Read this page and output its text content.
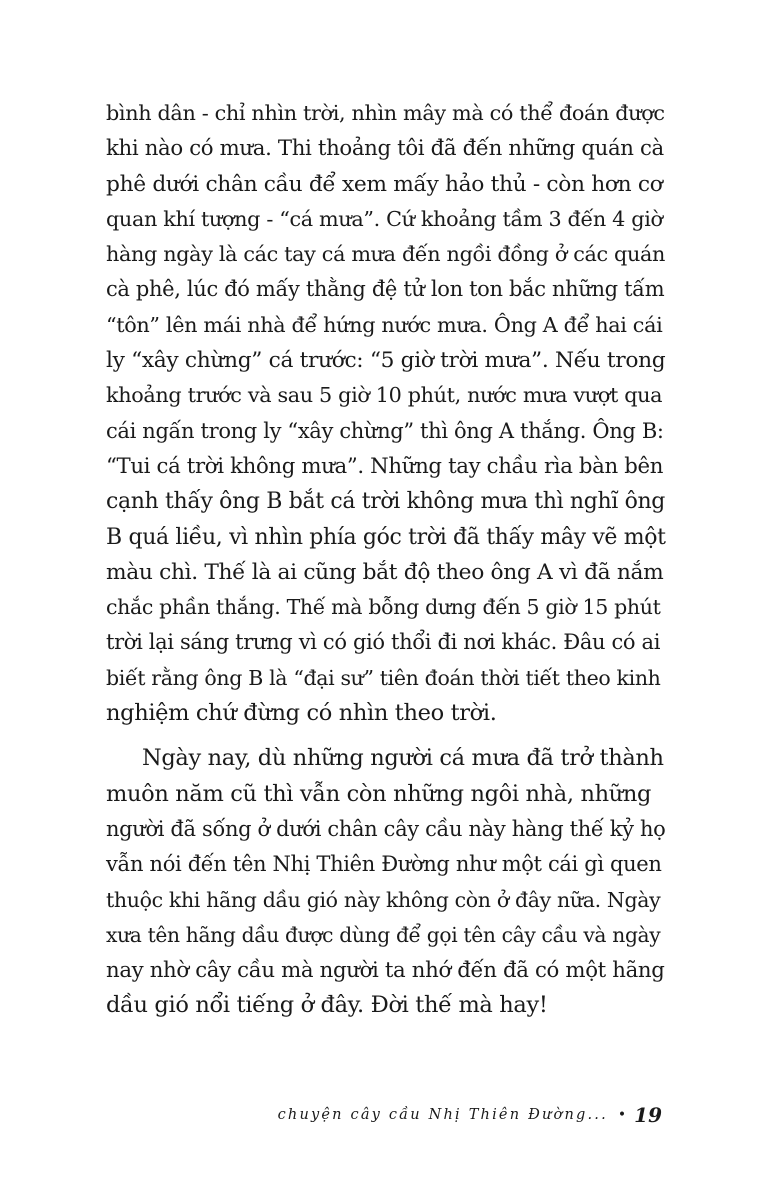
bình dân - chỉ nhìn trời, nhìn mây mà có thể đoán được
khi nào có mưa. Thi thoảng tôi đã đến những quán cà
phê dưới chân cầu để xem mấy hảo thủ - còn hơn cơ
quan khí tượng - “cá mưa”. Cứ khoảng tầm 3 đến 4 giờ
hàng ngày là các tay cá mưa đến ngồi đồng ở các quán
cà phê, lúc đó mấy thằng đệ tử lon ton bắc những tấm
“tôn” lên mái nhà để hứng nước mưa. Ông A để hai cái
ly “xây chừng” cá trước: “5 giờ trời mưa”. Nếu trong
khoảng trước và sau 5 giờ 10 phút, nước mưa vượt qua
cái ngấn trong ly “xây chừng” thì ông A thắng. Ông B:
“Tui cá trời không mưa”. Những tay chầu rìa bàn bên
cạnh thấy ông B bắt cá trời không mưa thì nghĩ ông
B quá liều, vì nhìn phía góc trời đã thấy mây vẽ một
màu chì. Thế là ai cũng bắt độ theo ông A vì đã nắm
chắc phần thắng. Thế mà bỗng dưng đến 5 giờ 15 phút
trời lại sáng trưng vì có gió thổi đi nơi khác. Đâu có ai
biết rằng ông B là “đại sư” tiên đoán thời tiết theo kinh
nghiệm chứ đừng có nhìn theo trời.
Ngày nay, dù những người cá mưa đã trở thành
muôn năm cũ thì vẫn còn những ngôi nhà, những
người đã sống ở dưới chân cây cầu này hàng thế kỷ họ
vẫn nói đến tên Nhị Thiên Đường như một cái gì quen
thuộc khi hãng dầu gió này không còn ở đây nữa. Ngày
xưa tên hãng dầu được dùng để gọi tên cây cầu và ngày
nay nhờ cây cầu mà người ta nhớ đến đã có một hãng
dầu gió nổi tiếng ở đây. Đời thế mà hay!
chuyện cây cầu Nhị Thiên Đường... • 19
